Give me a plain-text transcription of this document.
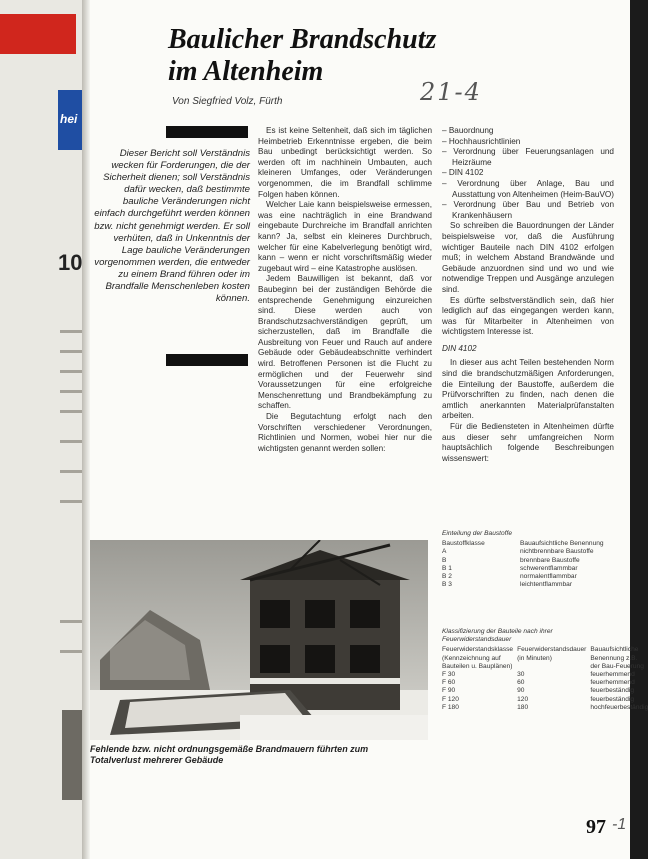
hei
10
Baulicher Brandschutz
im Altenheim
Von Siegfried Volz, Fürth	21-4
Dieser Bericht soll Verständnis wecken für Forderungen, die der Sicherheit dienen; soll Verständnis dafür wecken, daß bestimmte bauliche Veränderungen nicht einfach durchgeführt werden können bzw. nicht genehmigt werden. Er soll verhüten, daß in Unkenntnis der Lage bauliche Veränderungen vorgenommen werden, die entweder zu einem Brand führen oder im Brandfalle Menschenleben kosten können.

Es ist keine Seltenheit, daß sich im täglichen Heimbetrieb Erkenntnisse ergeben, die beim Bau unbedingt berücksichtigt werden. So werden oft im nachhinein Umbauten, auch kleineren Umfanges, oder Veränderungen vorgenommen, die im Brandfall schlimme Folgen haben können.

Welcher Laie kann beispielsweise ermessen, was eine nachträglich in eine Brandwand eingebaute Durchreiche im Brandfall anrichten kann? Ja, selbst ein kleineres Durchbruch, welcher für eine Kabelverlegung benötigt wird, kann – wenn er nicht vorschriftsmäßig wieder zugebaut wird – eine Katastrophe auslösen.

Jedem Bauwilligen ist bekannt, daß vor Baubeginn bei der zuständigen Behörde die entsprechende Genehmigung einzureichen sind. Diese werden auch von Brandschutzsachverständigen geprüft, um sicherzustellen, daß im Brandfalle die Ausbreitung von Feuer und Rauch auf andere Gebäude oder Gebäudeabschnitte verhindert wird. Betroffenen Personen ist die Flucht zu ermöglichen und der Feuerwehr sind Voraussetzungen für eine erfolgreiche Menschenrettung und Brandbekämpfung zu schaffen.

Die Begutachtung erfolgt nach den Vorschriften verschiedener Verordnungen, Richtlinien und Normen, wobei hier nur die wichtigsten genannt werden sollen:

– Bauordnung
– Hochhausrichtlinien
– Verordnung über Feuerungsanlagen und Heizräume
– DIN 4102
– Verordnung über Anlage, Bau und Ausstattung von Altenheimen (Heim-BauVO)
– Verordnung über Bau und Betrieb von Krankenhäusern

So schreiben die Bauordnungen der Länder beispielsweise vor, daß die Ausführung wichtiger Bauteile nach DIN 4102 erfolgen muß; in welchem Abstand Brandwände und Gebäude anzuordnen sind und wo und wie notwendige Treppen und Ausgänge anzulegen sind.

Es dürfte selbstverständlich sein, daß hier lediglich auf das eingegangen werden kann, was für Mitarbeiter in Altenheimen von wichtigstem Interesse ist.

DIN 4102

In dieser aus acht Teilen bestehenden Norm sind die brandschutzmäßigen Anforderungen, die Einteilung der Baustoffe, außerdem die Prüfvorschriften zu finden, nach denen die amtlich anerkannten Materialprüfanstalten arbeiten.

Für die Bediensteten in Altenheimen dürfte aus dieser sehr umfangreichen Norm hauptsächlich folgende Beschreibungen wissenswert:

Einteilung der Baustoffe
Baustoffklasse	Bauaufsichtliche Benennung
A	nichtbrennbare Baustoffe
B	brennbare Baustoffe
B 1	schwerentflammbar
B 2	normalentflammbar
B 3	leichtentflammbar
Klassifizierung der Bauteile nach ihrer Feuerwiderstandsdauer
Feuerwiderstandsklasse (Kennzeichnung auf Bauteilen u. Bauplänen)	Feuerwiderstandsdauer (in Minuten)	Bauaufsichtliche Benennung z.B. der Bau-Feuerung
F 30	30	feuerhemmend
F 60	60	feuerhemmend
F 90	90	feuerbeständig
F 120	120	feuerbeständig
F 180	180	hochfeuerbeständig
Fehlende bzw. nicht ordnungsgemäße Brandmauern führten zum Totalverlust mehrerer Gebäude
97 -1
